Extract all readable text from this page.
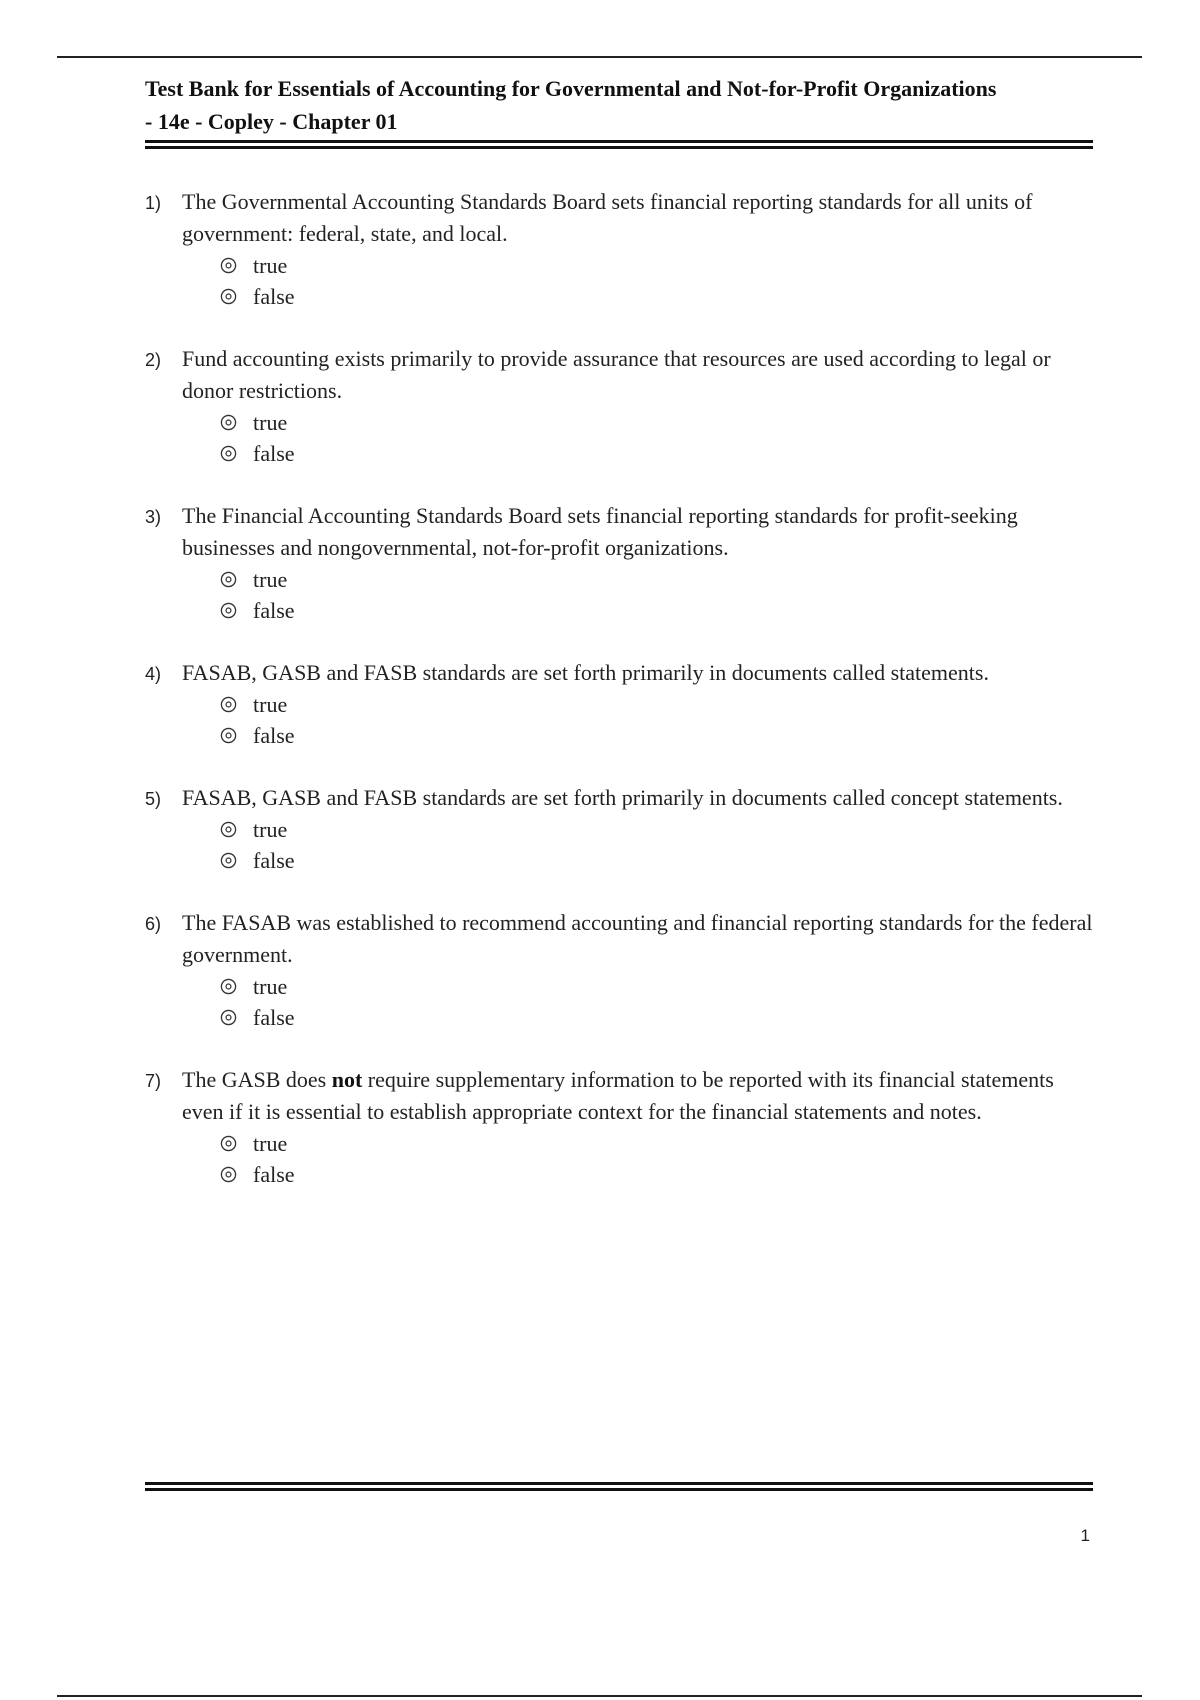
Test Bank for Essentials of Accounting for Governmental and Not-for-Profit Organizations
- 14e - Copley - Chapter 01
1) The Governmental Accounting Standards Board sets financial reporting standards for all units of government: federal, state, and local.
true
false
2) Fund accounting exists primarily to provide assurance that resources are used according to legal or donor restrictions.
true
false
3) The Financial Accounting Standards Board sets financial reporting standards for profit-seeking businesses and nongovernmental, not-for-profit organizations.
true
false
4) FASAB, GASB and FASB standards are set forth primarily in documents called statements.
true
false
5) FASAB, GASB and FASB standards are set forth primarily in documents called concept statements.
true
false
6) The FASAB was established to recommend accounting and financial reporting standards for the federal government.
true
false
7) The GASB does not require supplementary information to be reported with its financial statements even if it is essential to establish appropriate context for the financial statements and notes.
true
false
1
